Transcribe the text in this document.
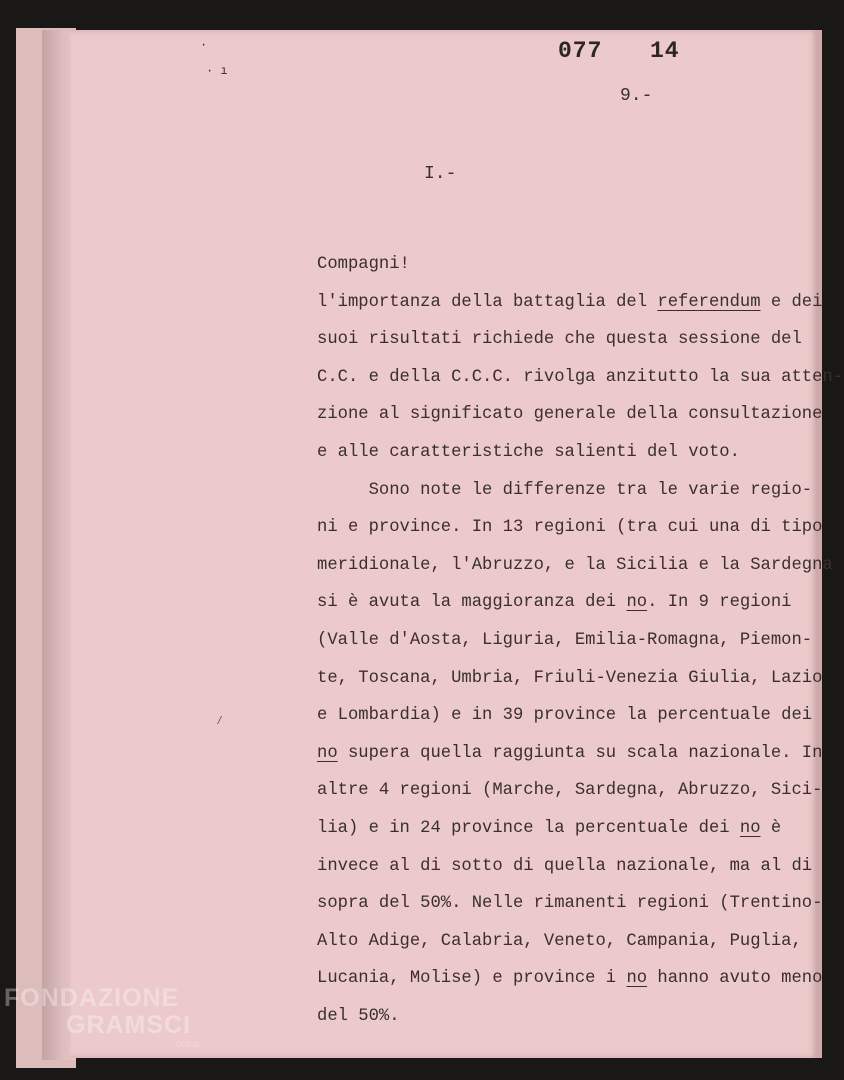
·
· ı
⁄
077 14
9.-
I.-
Compagni!
l'importanza della battaglia del referendum e dei
suoi risultati richiede che questa sessione del
C.C. e della C.C.C. rivolga anzitutto la sua atten-
zione al significato generale della consultazione
e alle caratteristiche salienti del voto.
Sono note le differenze tra le varie regio-
ni e province. In 13 regioni (tra cui una di tipo
meridionale, l'Abruzzo, e la Sicilia e la Sardegna
si è avuta la maggioranza dei no. In 9 regioni
(Valle d'Aosta, Liguria, Emilia-Romagna, Piemon-
te, Toscana, Umbria, Friuli-Venezia Giulia, Lazio
e Lombardia) e in 39 province la percentuale dei
no supera quella raggiunta su scala nazionale. In
altre 4 regioni (Marche, Sardegna, Abruzzo, Sici-
lia) e in 24 province la percentuale dei no è
invece al di sotto di quella nazionale, ma al di
sopra del 50%. Nelle rimanenti regioni (Trentino-
Alto Adige, Calabria, Veneto, Campania, Puglia,
Lucania, Molise) e province i no hanno avuto meno
del 50%.
FONDAZIONE
GRAMSCI
onlus
